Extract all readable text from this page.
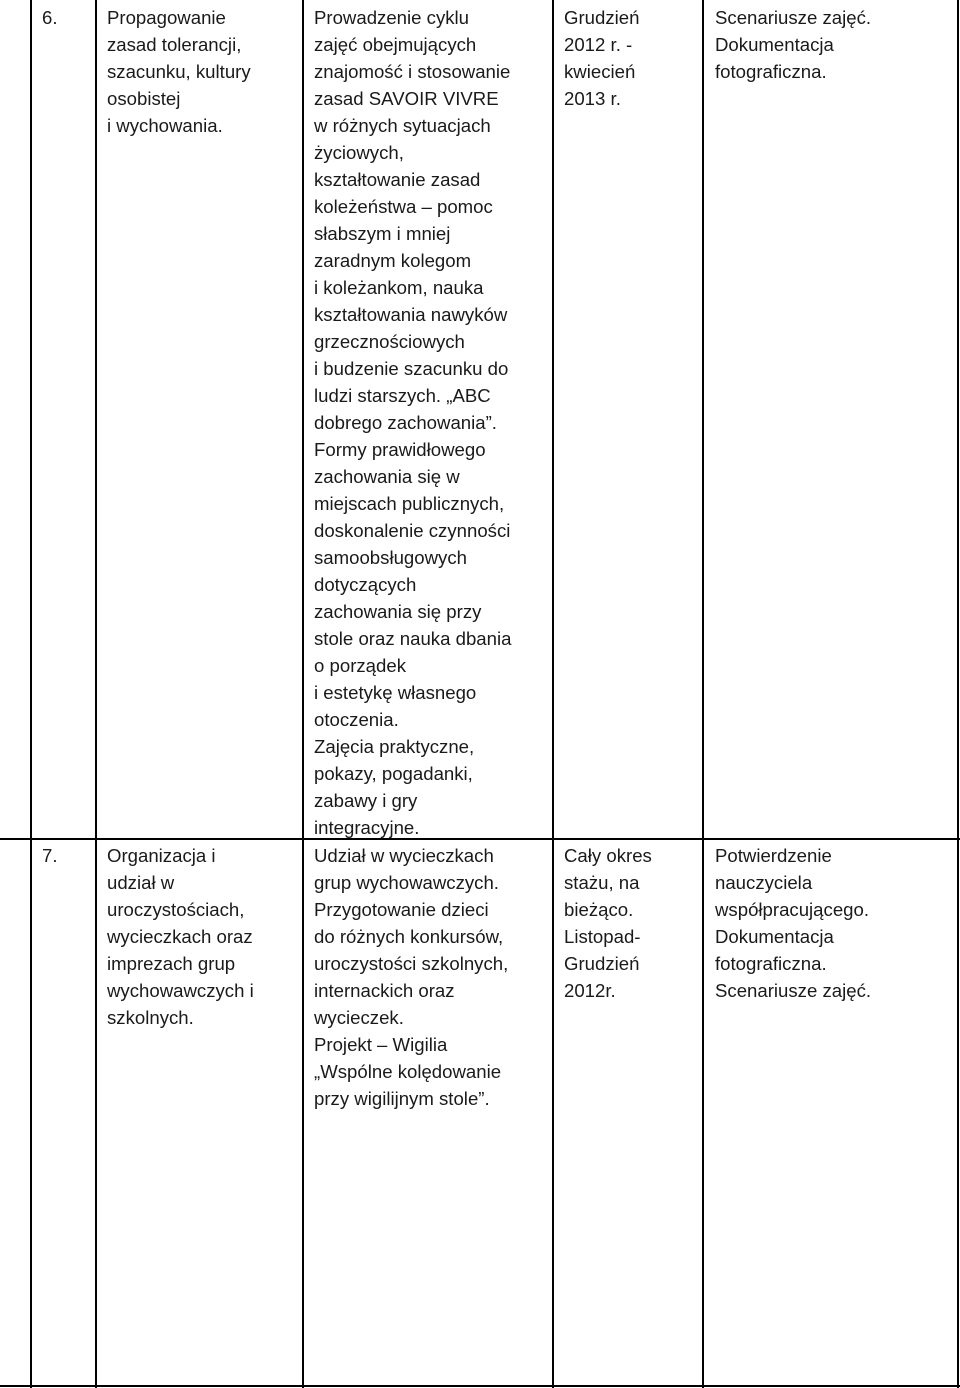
6.	Propagowanie
zasad tolerancji,
szacunku, kultury
osobistej
i wychowania.
Prowadzenie cyklu
zajęć obejmujących
znajomość i stosowanie
zasad SAVOIR VIVRE
w różnych sytuacjach
życiowych,
kształtowanie zasad
koleżeństwa – pomoc
słabszym i mniej
zaradnym kolegom
i koleżankom, nauka
kształtowania nawyków
grzecznościowych
i budzenie szacunku do
ludzi starszych. „ABC
dobrego zachowania”.
Formy prawidłowego
zachowania się w
miejscach publicznych,
doskonalenie czynności
samoobsługowych
dotyczących
zachowania się przy
stole oraz nauka dbania
o porządek
i estetykę własnego
otoczenia.
Zajęcia praktyczne,
pokazy, pogadanki,
zabawy i gry
integracyjne.
Grudzień
2012 r. -
kwiecień
2013 r.
Scenariusze zajęć.
Dokumentacja
fotograficzna.
7.	Organizacja i
udział w
uroczystościach,
wycieczkach oraz
imprezach grup
wychowawczych i
szkolnych.
Udział w wycieczkach
grup wychowawczych.
Przygotowanie dzieci
do różnych konkursów,
uroczystości szkolnych,
internackich oraz
wycieczek.
Projekt – Wigilia
„Wspólne kolędowanie
przy wigilijnym stole”.
Cały okres
stażu, na
bieżąco.
Listopad-
Grudzień
2012r.
Potwierdzenie
nauczyciela
współpracującego.
Dokumentacja
fotograficzna.
Scenariusze zajęć.
